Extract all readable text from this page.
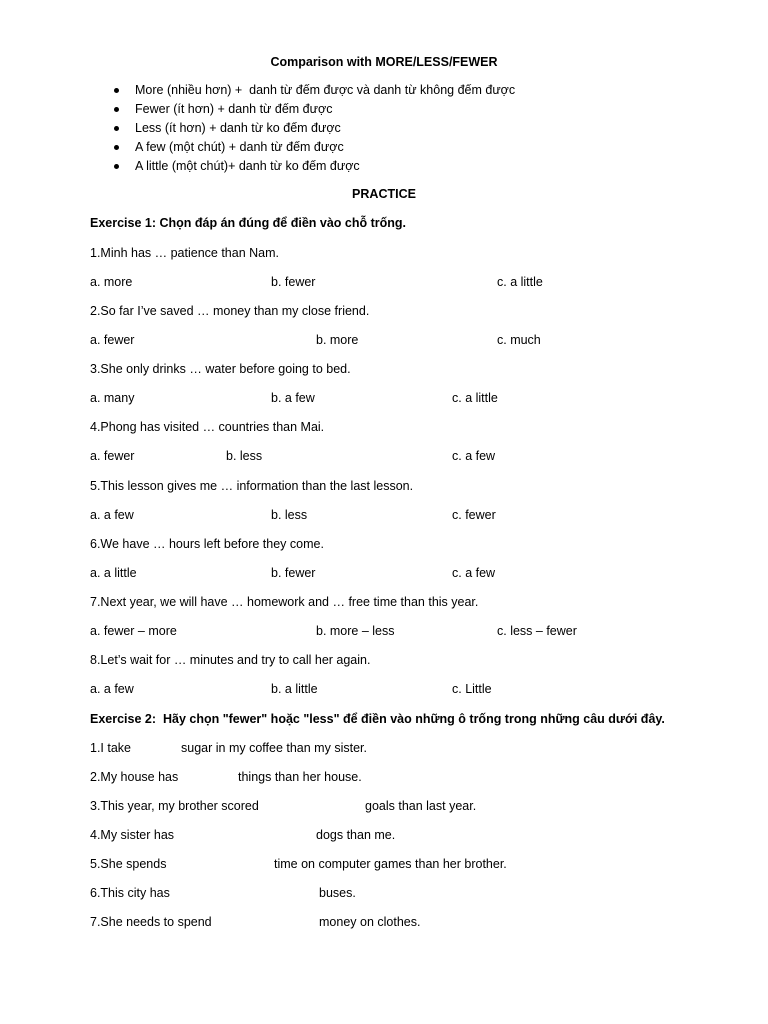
Comparison with MORE/LESS/FEWER
More (nhiều hơn) +  danh từ đếm được và danh từ không đếm được
Fewer (ít hơn) + danh từ đếm được
Less (ít hơn) + danh từ ko đếm được
A few (một chút) + danh từ đếm được
A little (một chút)+ danh từ ko đếm được
PRACTICE
Exercise 1: Chọn đáp án đúng để điền vào chỗ trống.
1.Minh has … patience than Nam.
a. more	b. fewer	c. a little
2.So far I’ve saved … money than my close friend.
a. fewer	b. more	c. much
3.She only drinks … water before going to bed.
a. many	b. a few	c. a little
4.Phong has visited … countries than Mai.
a. fewer	b. less	c. a few
5.This lesson gives me … information than the last lesson.
a. a few	b. less	c. fewer
6.We have … hours left before they come.
a. a little	b. fewer	c. a few
7.Next year, we will have … homework and … free time than this year.
a. fewer – more	b. more – less	c. less – fewer
8.Let’s wait for … minutes and try to call her again.
a. a few	b. a little	c. Little
Exercise 2:  Hãy chọn "fewer" hoặc "less" để điền vào những ô trống trong những câu dưới đây.
1.I take	sugar in my coffee than my sister.
2.My house has	things than her house.
3.This year, my brother scored	goals than last year.
4.My sister has	dogs than me.
5.She spends	time on computer games than her brother.
6.This city has	buses.
7.She needs to spend	money on clothes.
